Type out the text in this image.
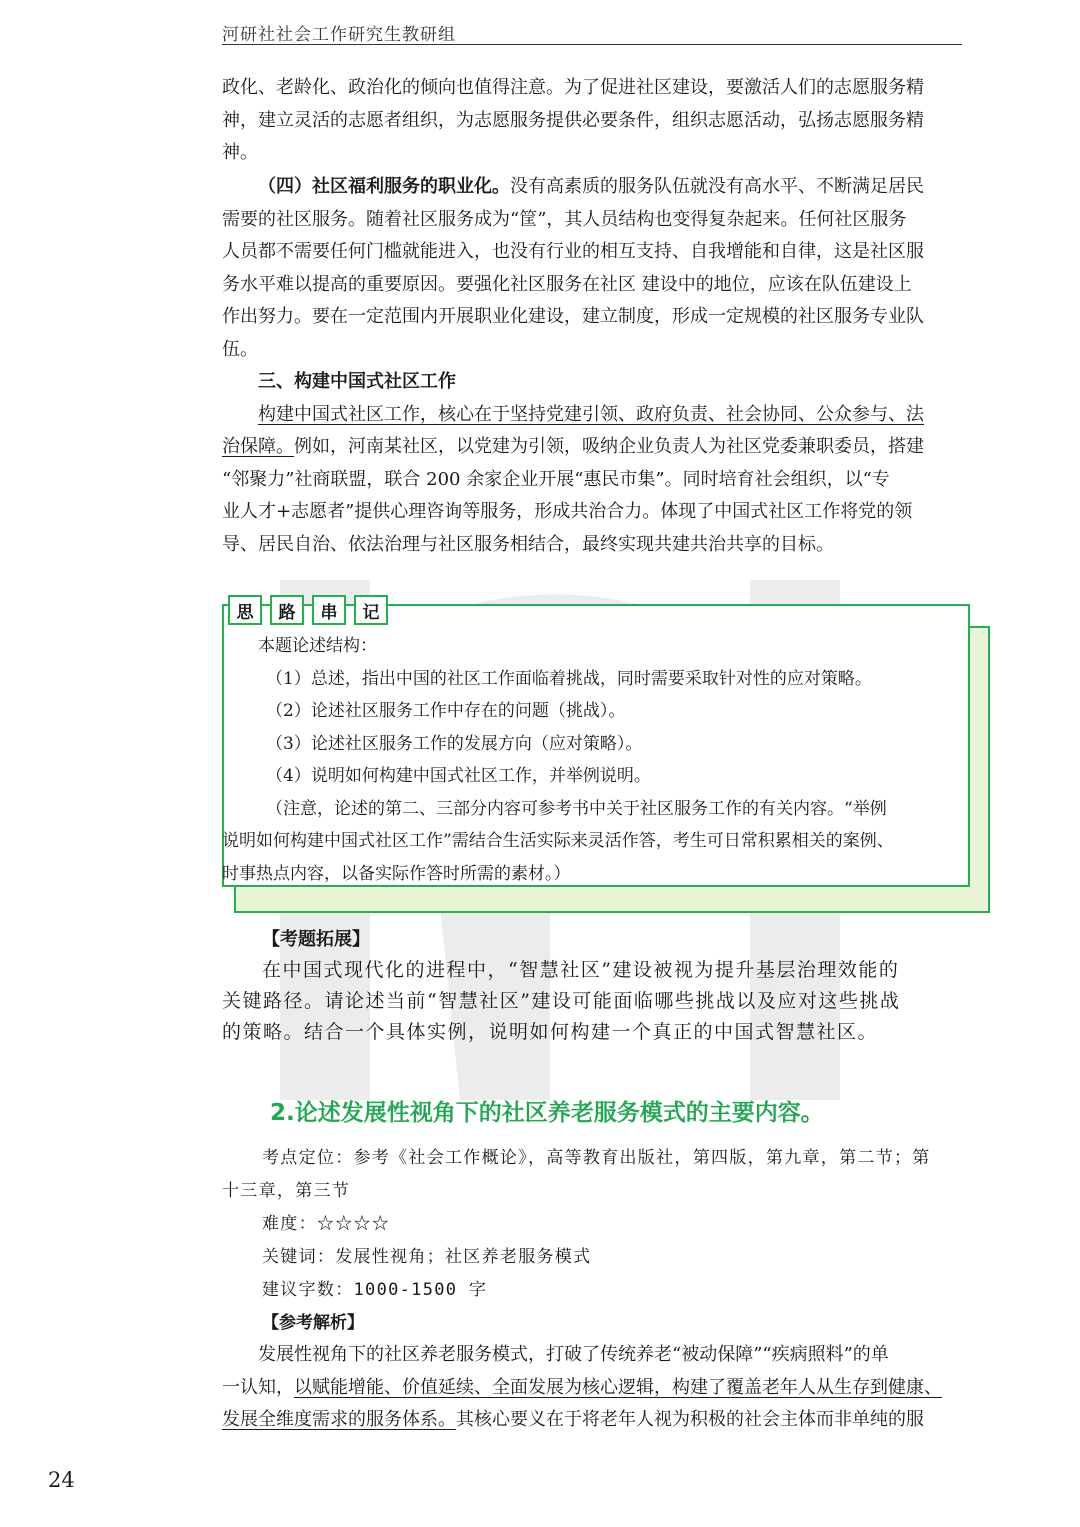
河研社社会工作研究生教研组
政化、老龄化、政治化的倾向也值得注意。为了促进社区建设，要激活人们的志愿服务精
神，建立灵活的志愿者组织，为志愿服务提供必要条件，组织志愿活动，弘扬志愿服务精
神。
（四）社区福利服务的职业化。没有高素质的服务队伍就没有高水平、不断满足居民
需要的社区服务。随着社区服务成为“筐”，其人员结构也变得复杂起来。任何社区服务
人员都不需要任何门槛就能进入，也没有行业的相互支持、自我增能和自律，这是社区服
务水平难以提高的重要原因。要强化社区服务在社区 建设中的地位，应该在队伍建设上
作出努力。要在一定范围内开展职业化建设，建立制度，形成一定规模的社区服务专业队
伍。
三、构建中国式社区工作
构建中国式社区工作，核心在于坚持党建引领、政府负责、社会协同、公众参与、法
治保障。例如，河南某社区，以党建为引领，吸纳企业负责人为社区党委兼职委员，搭建
“邻聚力”社商联盟，联合 200 余家企业开展“惠民市集”。同时培育社会组织，以“专
业人才+志愿者”提供心理咨询等服务，形成共治合力。体现了中国式社区工作将党的领
导、居民自治、依法治理与社区服务相结合，最终实现共建共治共享的目标。
思	路	串	记
本题论述结构：
（1）总述，指出中国的社区工作面临着挑战，同时需要采取针对性的应对策略。
（2）论述社区服务工作中存在的问题（挑战）。
（3）论述社区服务工作的发展方向（应对策略）。
（4）说明如何构建中国式社区工作，并举例说明。
（注意，论述的第二、三部分内容可参考书中关于社区服务工作的有关内容。“举例
说明如何构建中国式社区工作”需结合生活实际来灵活作答，考生可日常积累相关的案例、
时事热点内容，以备实际作答时所需的素材。）
【考题拓展】
在中国式现代化的进程中，“智慧社区”建设被视为提升基层治理效能的
关键路径。请论述当前“智慧社区”建设可能面临哪些挑战以及应对这些挑战
的策略。结合一个具体实例，说明如何构建一个真正的中国式智慧社区。
2.论述发展性视角下的社区养老服务模式的主要内容。
考点定位：参考《社会工作概论》，高等教育出版社，第四版，第九章，第二节；第
十三章，第三节
难度：☆☆☆☆
关键词：发展性视角；社区养老服务模式
建议字数：1000-1500 字
【参考解析】
发展性视角下的社区养老服务模式，打破了传统养老“被动保障”“疾病照料”的单
一认知，以赋能增能、价值延续、全面发展为核心逻辑，构建了覆盖老年人从生存到健康、
发展全维度需求的服务体系。其核心要义在于将老年人视为积极的社会主体而非单纯的服
24
